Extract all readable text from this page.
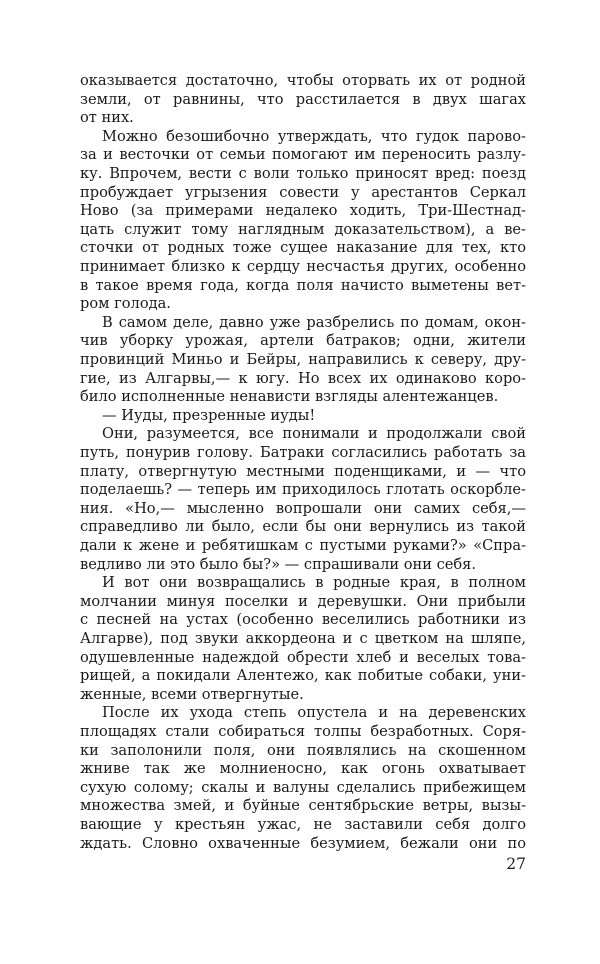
оказывается достаточно, чтобы оторвать их от родной
земли, от равнины, что расстилается в двух шагах
от них.
Можно безошибочно утверждать, что гудок парово-
за и весточки от семьи помогают им переносить разлу-
ку. Впрочем, вести с воли только приносят вред: поезд
пробуждает угрызения совести у арестантов Серкал
Ново (за примерами недалеко ходить, Три-Шестнад-
цать служит тому наглядным доказательством), а ве-
сточки от родных тоже сущее наказание для тех, кто
принимает близко к сердцу несчастья других, особенно
в такое время года, когда поля начисто выметены вет-
ром голода.
В самом деле, давно уже разбрелись по домам, окон-
чив уборку урожая, артели батраков; одни, жители
провинций Миньо и Бейры, направились к северу, дру-
гие, из Алгарвы,— к югу. Но всех их одинаково коро-
било исполненные ненависти взгляды алентежанцев.
— Иуды, презренные иуды!
Они, разумеется, все понимали и продолжали свой
путь, понурив голову. Батраки согласились работать за
плату, отвергнутую местными поденщиками, и — что
поделаешь? — теперь им приходилось глотать оскорбле-
ния. «Но,— мысленно вопрошали они самих себя,—
справедливо ли было, если бы они вернулись из такой
дали к жене и ребятишкам с пустыми руками?» «Спра-
ведливо ли это было бы?» — спрашивали они себя.
И вот они возвращались в родные края, в полном
молчании минуя поселки и деревушки. Они прибыли
с песней на устах (особенно веселились работники из
Алгарве), под звуки аккордеона и с цветком на шляпе,
одушевленные надеждой обрести хлеб и веселых това-
рищей, а покидали Алентежо, как побитые собаки, уни-
женные, всеми отвергнутые.
После их ухода степь опустела и на деревенских
площадях стали собираться толпы безработных. Соря-
ки заполонили поля, они появлялись на скошенном
жниве так же молниеносно, как огонь охватывает
сухую солому; скалы и валуны сделались прибежищем
множества змей, и буйные сентябрьские ветры, вызы-
вающие у крестьян ужас, не заставили себя долго
ждать. Словно охваченные безумием, бежали они по
27
